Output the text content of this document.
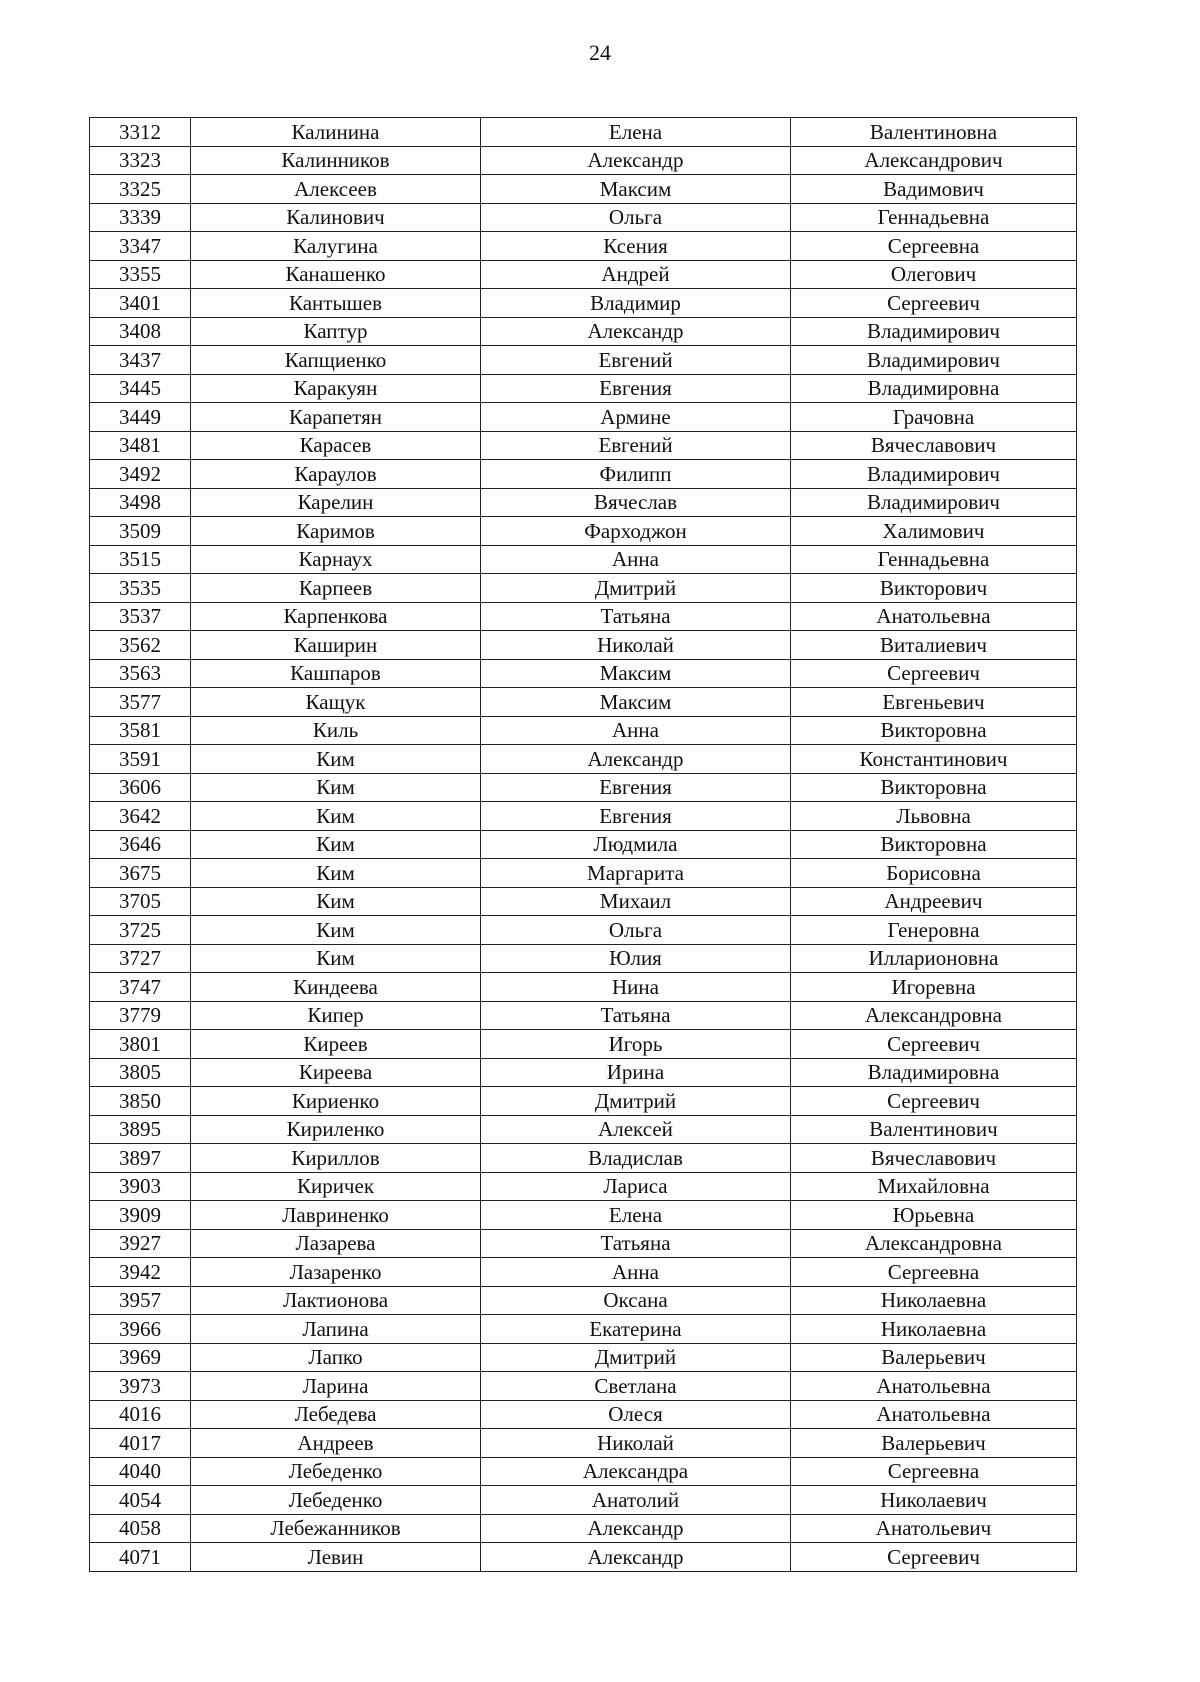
24
3312	Калинина	Елена	Валентиновна
3323	Калинников	Александр	Александрович
3325	Алексеев	Максим	Вадимович
3339	Калинович	Ольга	Геннадьевна
3347	Калугина	Ксения	Сергеевна
3355	Канашенко	Андрей	Олегович
3401	Кантышев	Владимир	Сергеевич
3408	Каптур	Александр	Владимирович
3437	Капщиенко	Евгений	Владимирович
3445	Каракуян	Евгения	Владимировна
3449	Карапетян	Армине	Грачовна
3481	Карасев	Евгений	Вячеславович
3492	Караулов	Филипп	Владимирович
3498	Карелин	Вячеслав	Владимирович
3509	Каримов	Фарходжон	Халимович
3515	Карнаух	Анна	Геннадьевна
3535	Карпеев	Дмитрий	Викторович
3537	Карпенкова	Татьяна	Анатольевна
3562	Каширин	Николай	Виталиевич
3563	Кашпаров	Максим	Сергеевич
3577	Кащук	Максим	Евгеньевич
3581	Киль	Анна	Викторовна
3591	Ким	Александр	Константинович
3606	Ким	Евгения	Викторовна
3642	Ким	Евгения	Львовна
3646	Ким	Людмила	Викторовна
3675	Ким	Маргарита	Борисовна
3705	Ким	Михаил	Андреевич
3725	Ким	Ольга	Генеровна
3727	Ким	Юлия	Илларионовна
3747	Киндеева	Нина	Игоревна
3779	Кипер	Татьяна	Александровна
3801	Киреев	Игорь	Сергеевич
3805	Киреева	Ирина	Владимировна
3850	Кириенко	Дмитрий	Сергеевич
3895	Кириленко	Алексей	Валентинович
3897	Кириллов	Владислав	Вячеславович
3903	Киричек	Лариса	Михайловна
3909	Лавриненко	Елена	Юрьевна
3927	Лазарева	Татьяна	Александровна
3942	Лазаренко	Анна	Сергеевна
3957	Лактионова	Оксана	Николаевна
3966	Лапина	Екатерина	Николаевна
3969	Лапко	Дмитрий	Валерьевич
3973	Ларина	Светлана	Анатольевна
4016	Лебедева	Олеся	Анатольевна
4017	Андреев	Николай	Валерьевич
4040	Лебеденко	Александра	Сергеевна
4054	Лебеденко	Анатолий	Николаевич
4058	Лебежанников	Александр	Анатольевич
4071	Левин	Александр	Сергеевич
